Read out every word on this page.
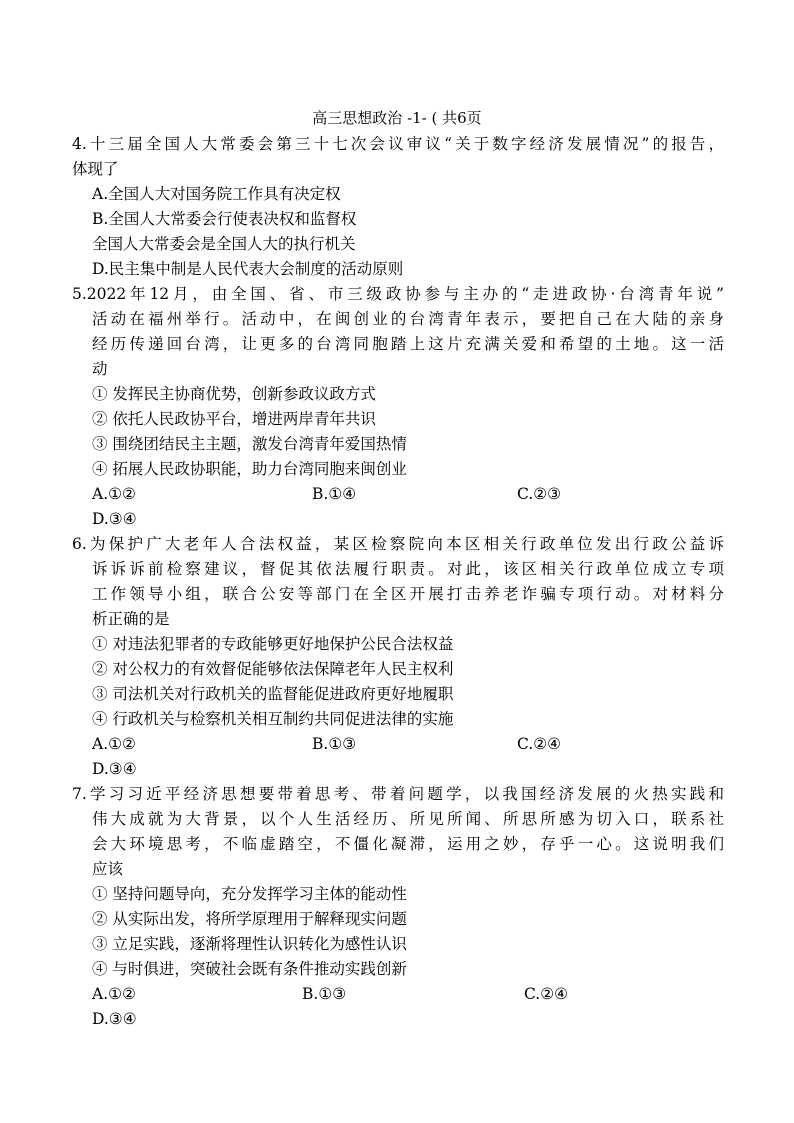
高三思想政治 -1- ( 共6页
4.十三届全国人大常委会第三十七次会议审议“关于数字经济发展情况”的报告，
体现了
A.全国人大对国务院工作具有决定权
B.全国人大常委会行使表决权和监督权
全国人大常委会是全国人大的执行机关
D.民主集中制是人民代表大会制度的活动原则
5.2022年12月，由全国、省、市三级政协参与主办的“走进政协·台湾青年说”
活动在福州举行。活动中，在闽创业的台湾青年表示，要把自己在大陆的亲身
经历传递回台湾，让更多的台湾同胞踏上这片充满关爱和希望的土地。这一活
动
① 发挥民主协商优势，创新参政议政方式
② 依托人民政协平台，增进两岸青年共识
③ 围绕团结民主主题，激发台湾青年爱国热情
④ 拓展人民政协职能，助力台湾同胞来闽创业
A.①②	B.①④	C.②③
D.③④
6.为保护广大老年人合法权益，某区检察院向本区相关行政单位发出行政公益诉
诉诉诉前检察建议，督促其依法履行职责。对此，该区相关行政单位成立专项
工作领导小组，联合公安等部门在全区开展打击养老诈骗专项行动。对材料分
析正确的是
① 对违法犯罪者的专政能够更好地保护公民合法权益
② 对公权力的有效督促能够依法保障老年人民主权利
③ 司法机关对行政机关的监督能促进政府更好地履职
④ 行政机关与检察机关相互制约共同促进法律的实施
A.①②	B.①③	C.②④
D.③④
7.学习习近平经济思想要带着思考、带着问题学，以我国经济发展的火热实践和
伟大成就为大背景，以个人生活经历、所见所闻、所思所感为切入口，联系社
会大环境思考，不临虚踏空，不僵化凝滞，运用之妙，存乎一心。这说明我们
应该
① 坚持问题导向，充分发挥学习主体的能动性
② 从实际出发，将所学原理用于解释现实问题
③ 立足实践，逐渐将理性认识转化为感性认识
④ 与时俱进，突破社会既有条件推动实践创新
A.①②	B.①③	C.②④
D.③④
